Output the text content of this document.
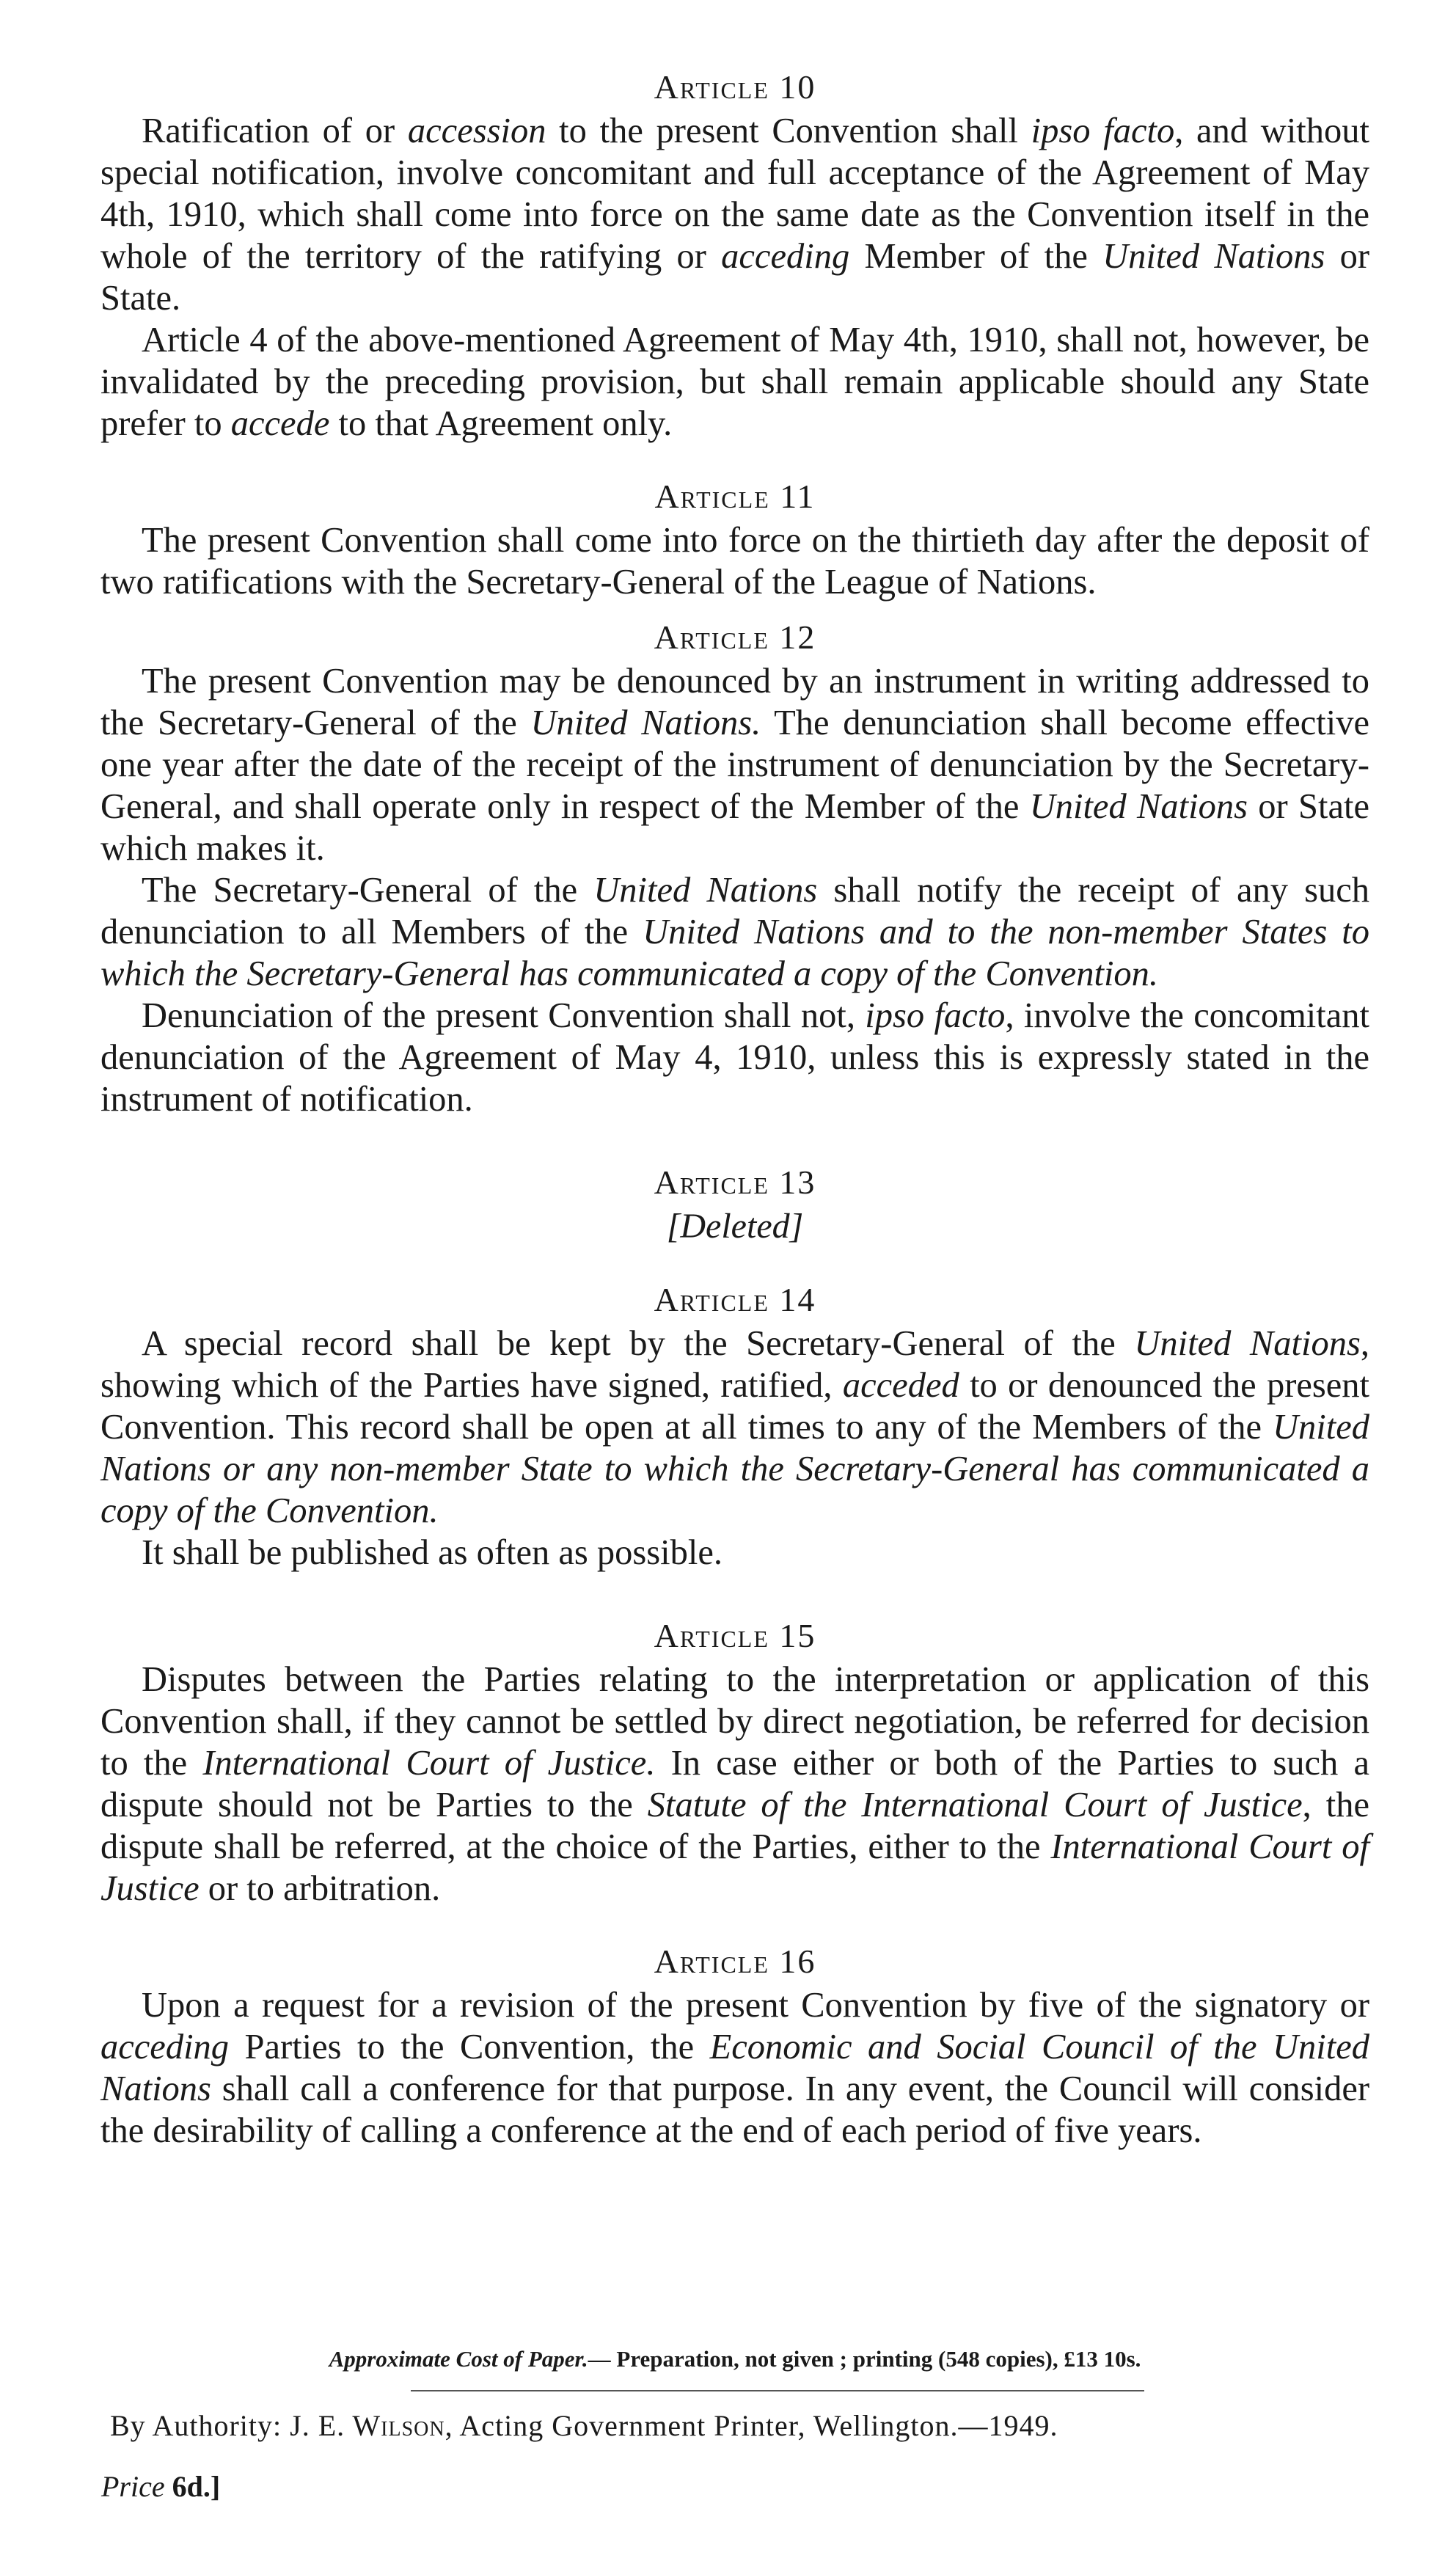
Article 10

Ratification of or accession to the present Convention shall ipso facto, and without special notification, involve concomitant and full acceptance of the Agreement of May 4th, 1910, which shall come into force on the same date as the Convention itself in the whole of the territory of the ratifying or acceding Member of the United Nations or State.

Article 4 of the above-mentioned Agreement of May 4th, 1910, shall not, however, be invalidated by the preceding provision, but shall remain applicable should any State prefer to accede to that Agreement only.

Article 11

The present Convention shall come into force on the thirtieth day after the deposit of two ratifications with the Secretary-General of the League of Nations.

Article 12

The present Convention may be denounced by an instrument in writing addressed to the Secretary-General of the United Nations. The denunciation shall become effective one year after the date of the receipt of the instrument of denunciation by the Secretary-General, and shall operate only in respect of the Member of the United Nations or State which makes it.

The Secretary-General of the United Nations shall notify the receipt of any such denunciation to all Members of the United Nations and to the non-member States to which the Secretary-General has communicated a copy of the Convention.

Denunciation of the present Convention shall not, ipso facto, involve the concomitant denunciation of the Agreement of May 4, 1910, unless this is expressly stated in the instrument of notification.

Article 13

[Deleted]

Article 14

A special record shall be kept by the Secretary-General of the United Nations, showing which of the Parties have signed, ratified, acceded to or denounced the present Convention. This record shall be open at all times to any of the Members of the United Nations or any non-member State to which the Secretary-General has communicated a copy of the Convention.

It shall be published as often as possible.

Article 15

Disputes between the Parties relating to the interpretation or application of this Convention shall, if they cannot be settled by direct negotiation, be referred for decision to the International Court of Justice. In case either or both of the Parties to such a dispute should not be Parties to the Statute of the International Court of Justice, the dispute shall be referred, at the choice of the Parties, either to the International Court of Justice or to arbitration.

Article 16

Upon a request for a revision of the present Convention by five of the signatory or acceding Parties to the Convention, the Economic and Social Council of the United Nations shall call a conference for that purpose. In any event, the Council will consider the desirability of calling a conference at the end of each period of five years.

Approximate Cost of Paper.— Preparation, not given ; printing (548 copies), £13 10s.
By Authority: J. E. Wilson, Acting Government Printer, Wellington.—1949.
Price 6d.]
